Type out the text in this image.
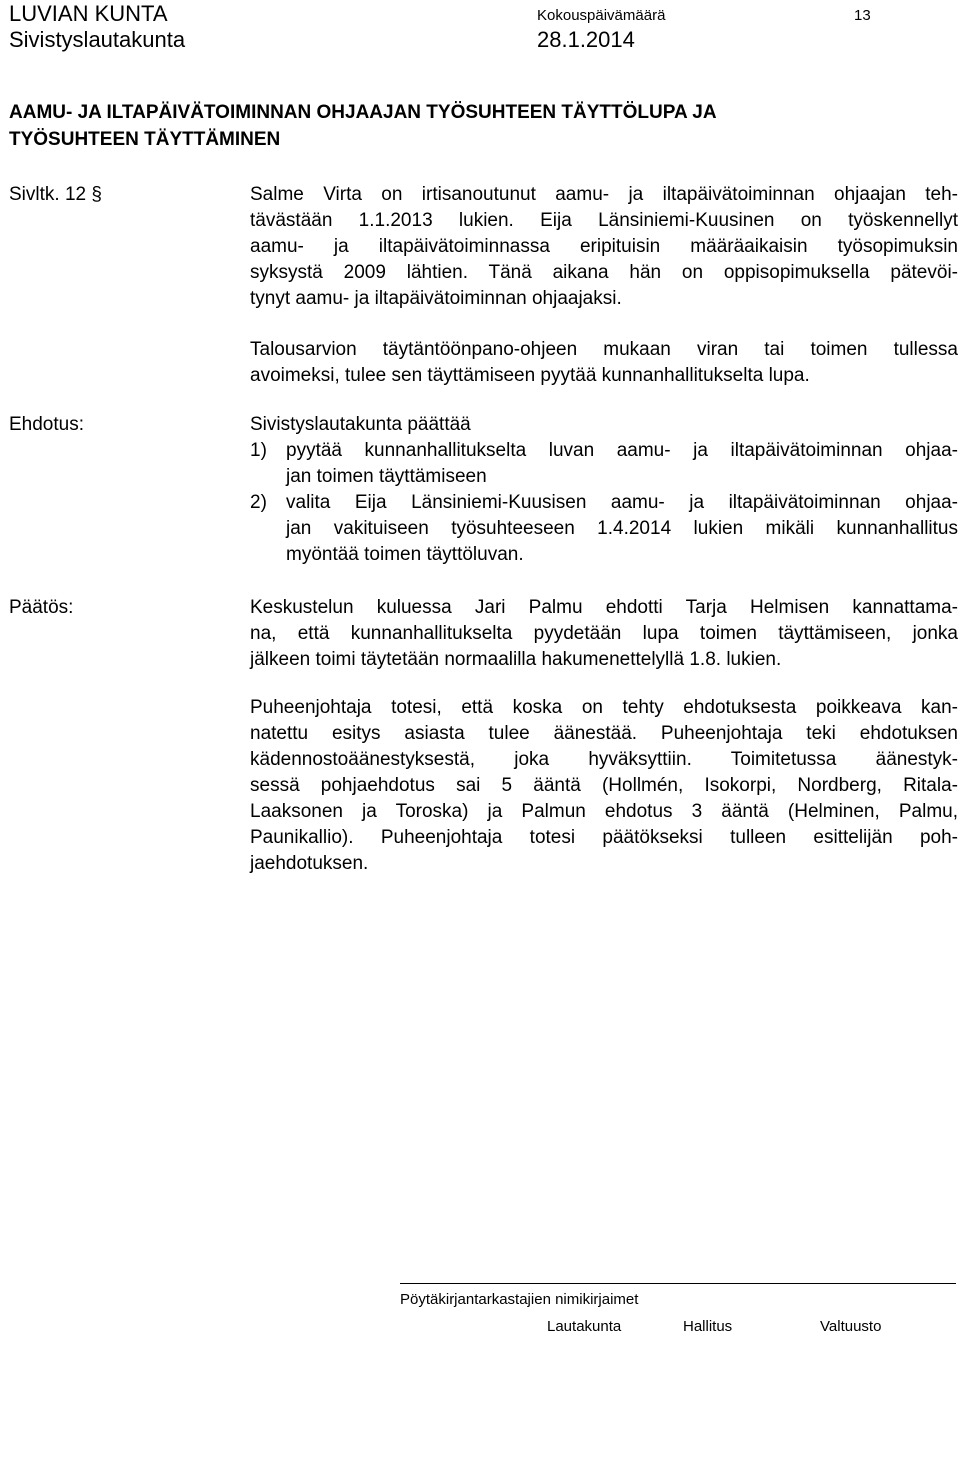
LUVIAN KUNTA
Sivistyslautakunta
Kokouspäivämäärä
28.1.2014
13
AAMU- JA ILTAPÄIVÄTOIMINNAN OHJAAJAN TYÖSUHTEEN TÄYTTÖLUPA JA
TYÖSUHTEEN TÄYTTÄMINEN
Sivltk. 12 §	Salme Virta on irtisanoutunut aamu- ja iltapäivätoiminnan ohjaajan teh-
tävästään 1.1.2013 lukien. Eija Länsiniemi-Kuusinen on työskennellyt
aamu- ja iltapäivätoiminnassa eripituisin määräaikaisin työsopimuksin
syksystä 2009 lähtien. Tänä aikana hän on oppisopimuksella pätevöi-
tynyt aamu- ja iltapäivätoiminnan ohjaajaksi.
Talousarvion täytäntöönpano-ohjeen mukaan viran tai toimen tullessa
avoimeksi, tulee sen täyttämiseen pyytää kunnanhallitukselta lupa.
Ehdotus:	Sivistyslautakunta päättää
1) pyytää kunnanhallitukselta luvan aamu- ja iltapäivätoiminnan ohjaa-
jan toimen täyttämiseen
2) valita Eija Länsiniemi-Kuusisen aamu- ja iltapäivätoiminnan ohjaa-
jan vakituiseen työsuhteeseen 1.4.2014 lukien mikäli kunnanhallitus
myöntää toimen täyttöluvan.
Päätös:	Keskustelun kuluessa Jari Palmu ehdotti Tarja Helmisen kannattama-
na, että kunnanhallitukselta pyydetään lupa toimen täyttämiseen, jonka
jälkeen toimi täytetään normaalilla hakumenettelyllä 1.8. lukien.
Puheenjohtaja totesi, että koska on tehty ehdotuksesta poikkeava kan-
natettu esitys asiasta tulee äänestää. Puheenjohtaja teki ehdotuksen
kädennostoäänestyksestä, joka hyväksyttiin. Toimitetussa äänestyk-
sessä pohjaehdotus sai 5 ääntä (Hollmén, Isokorpi, Nordberg, Ritala-
Laaksonen ja Toroska) ja Palmun ehdotus 3 ääntä (Helminen, Palmu,
Paunikallio). Puheenjohtaja totesi päätökseksi tulleen esittelijän poh-
jaehdotuksen.
Pöytäkirjantarkastajien nimikirjaimet
Lautakunta	Hallitus	Valtuusto
